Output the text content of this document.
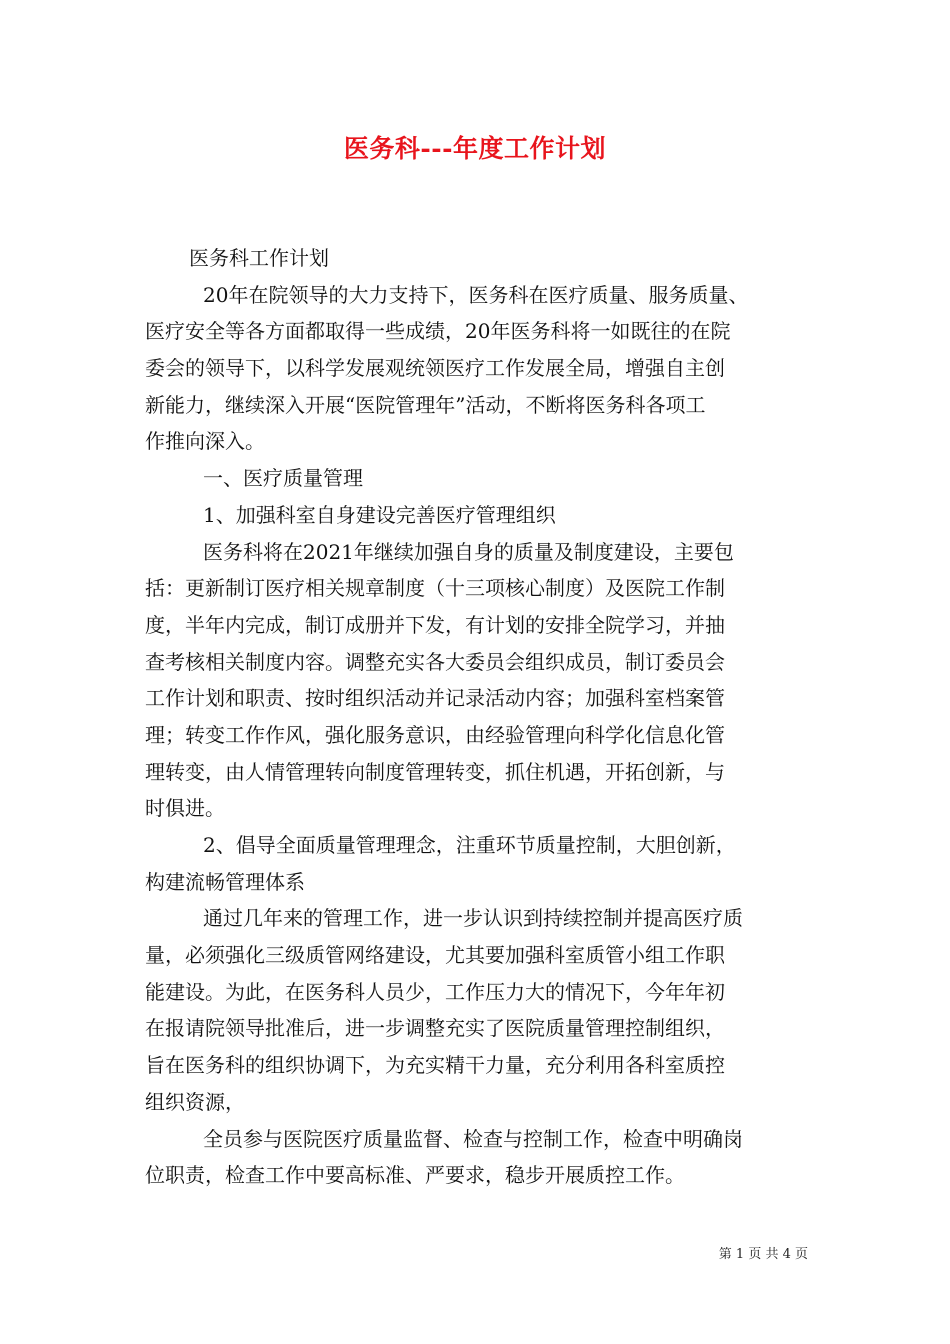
医务科---年度工作计划
医务科工作计划
20年在院领导的大力支持下，医务科在医疗质量、服务质量、
医疗安全等各方面都取得一些成绩，20年医务科将一如既往的在院
委会的领导下，以科学发展观统领医疗工作发展全局，增强自主创
新能力，继续深入开展“医院管理年”活动，不断将医务科各项工
作推向深入。
一、医疗质量管理
1、加强科室自身建设完善医疗管理组织
医务科将在2021年继续加强自身的质量及制度建设，主要包
括：更新制订医疗相关规章制度（十三项核心制度）及医院工作制
度，半年内完成，制订成册并下发，有计划的安排全院学习，并抽
查考核相关制度内容。调整充实各大委员会组织成员，制订委员会
工作计划和职责、按时组织活动并记录活动内容；加强科室档案管
理；转变工作作风，强化服务意识，由经验管理向科学化信息化管
理转变，由人情管理转向制度管理转变，抓住机遇，开拓创新，与
时俱进。
2、倡导全面质量管理理念，注重环节质量控制，大胆创新，
构建流畅管理体系
通过几年来的管理工作，进一步认识到持续控制并提高医疗质
量，必须强化三级质管网络建设，尤其要加强科室质管小组工作职
能建设。为此，在医务科人员少，工作压力大的情况下，今年年初
在报请院领导批准后，进一步调整充实了医院质量管理控制组织，
旨在医务科的组织协调下，为充实精干力量，充分利用各科室质控
组织资源，
全员参与医院医疗质量监督、检查与控制工作，检查中明确岗
位职责，检查工作中要高标准、严要求，稳步开展质控工作。
第 1 页 共 4 页
